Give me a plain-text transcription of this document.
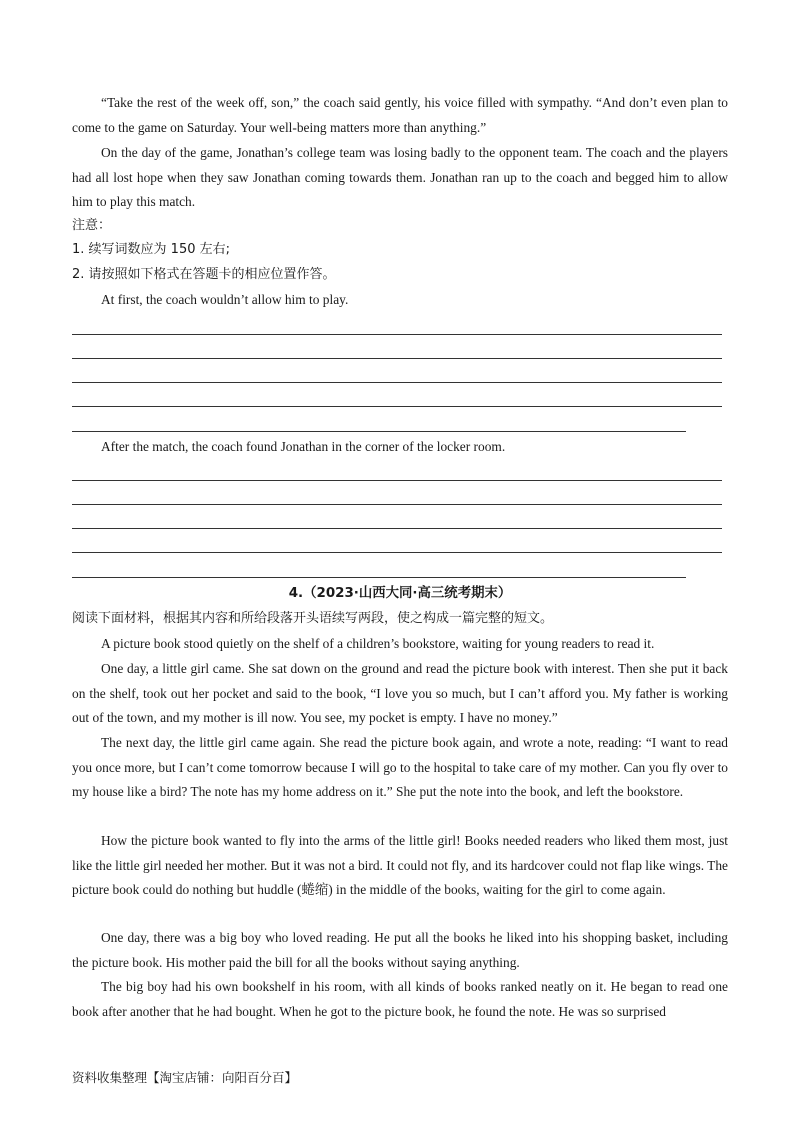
“Take the rest of the week off, son,” the coach said gently, his voice filled with sympathy. “And don’t even plan to come to the game on Saturday. Your well-being matters more than anything.”

On the day of the game, Jonathan’s college team was losing badly to the opponent team. The coach and the players had all lost hope when they saw Jonathan coming towards them. Jonathan ran up to the coach and begged him to allow him to play this match.

注意：

1. 续写词数应为 150 左右;

2. 请按照如下格式在答题卡的相应位置作答。

At first, the coach wouldn’t allow him to play.

After the match, the coach found Jonathan in the corner of the locker room.

4.（2023·山西大同·高三统考期末）

阅读下面材料，根据其内容和所给段落开头语续写两段，使之构成一篇完整的短文。

A picture book stood quietly on the shelf of a children’s bookstore, waiting for young readers to read it.

One day, a little girl came. She sat down on the ground and read the picture book with interest. Then she put it back on the shelf, took out her pocket and said to the book, “I love you so much, but I can’t afford you. My father is working out of the town, and my mother is ill now. You see, my pocket is empty. I have no money.”

The next day, the little girl came again. She read the picture book again, and wrote a note, reading: “I want to read you once more, but I can’t come tomorrow because I will go to the hospital to take care of my mother. Can you fly over to my house like a bird? The note has my home address on it.” She put the note into the book, and left the bookstore.

How the picture book wanted to fly into the arms of the little girl! Books needed readers who liked them most, just like the little girl needed her mother. But it was not a bird. It could not fly, and its hardcover could not flap like wings. The picture book could do nothing but huddle (蜷缩) in the middle of the books, waiting for the girl to come again.

One day, there was a big boy who loved reading. He put all the books he liked into his shopping basket, including the picture book. His mother paid the bill for all the books without saying anything.

The big boy had his own bookshelf in his room, with all kinds of books ranked neatly on it. He began to read one book after another that he had bought. When he got to the picture book, he found the note. He was so surprised

资料收集整理【淘宝店铺：向阳百分百】
